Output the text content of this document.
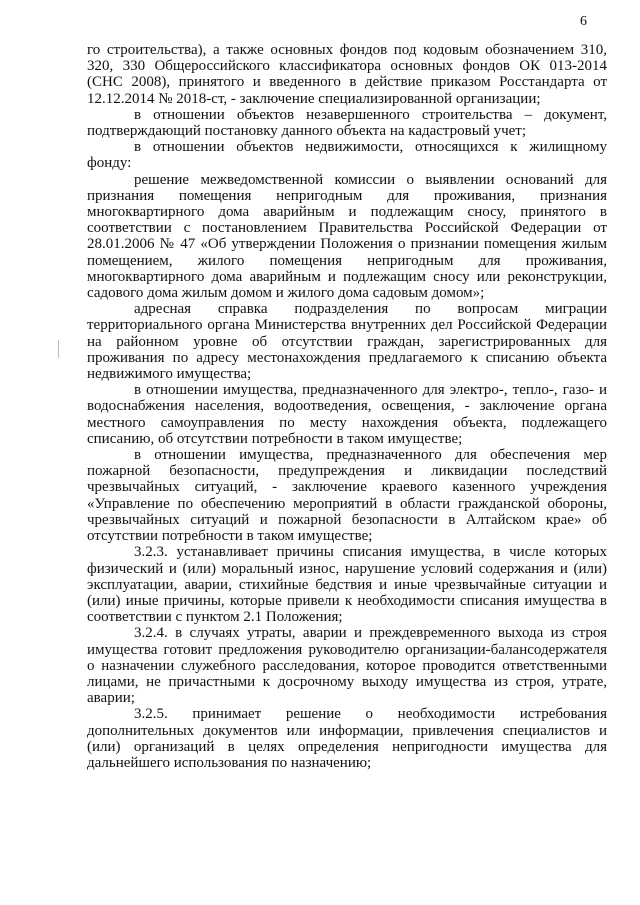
6

го строительства), а также основных фондов под кодовым обозначением 310, 320, 330 Общероссийского классификатора основных фондов ОК 013-2014 (СНС 2008), принятого и введенного в действие приказом Росстандарта от 12.12.2014 № 2018-ст, - заключение специализированной организации;

в отношении объектов незавершенного строительства – документ, подтверждающий постановку данного объекта на кадастровый учет;

в отношении объектов недвижимости, относящихся к жилищному фонду:

решение межведомственной комиссии о выявлении оснований для признания помещения непригодным для проживания, признания многоквартирного дома аварийным и подлежащим сносу, принятого в соответствии с постановлением Правительства Российской Федерации от 28.01.2006 № 47 «Об утверждении Положения о признании помещения жилым помещением, жилого помещения непригодным для проживания, многоквартирного дома аварийным и подлежащим сносу или реконструкции, садового дома жилым домом и жилого дома садовым домом»;

адресная справка подразделения по вопросам миграции территориального органа Министерства внутренних дел Российской Федерации на районном уровне об отсутствии граждан, зарегистрированных для проживания по адресу местонахождения предлагаемого к списанию объекта недвижимого имущества;

в отношении имущества, предназначенного для электро-, тепло-, газо- и водоснабжения населения, водоотведения, освещения, - заключение органа местного самоуправления по месту нахождения объекта, подлежащего списанию, об отсутствии потребности в таком имуществе;

в отношении имущества, предназначенного для обеспечения мер пожарной безопасности, предупреждения и ликвидации последствий чрезвычайных ситуаций, - заключение краевого казенного учреждения «Управление по обеспечению мероприятий в области гражданской обороны, чрезвычайных ситуаций и пожарной безопасности в Алтайском крае» об отсутствии потребности в таком имуществе;

3.2.3. устанавливает причины списания имущества, в числе которых физический и (или) моральный износ, нарушение условий содержания и (или) эксплуатации, аварии, стихийные бедствия и иные чрезвычайные ситуации и (или) иные причины, которые привели к необходимости списания имущества в соответствии с пунктом 2.1 Положения;

3.2.4. в случаях утраты, аварии и преждевременного выхода из строя имущества готовит предложения руководителю организации-балансодержателя о назначении служебного расследования, которое проводится ответственными лицами, не причастными к досрочному выходу имущества из строя, утрате, аварии;

3.2.5. принимает решение о необходимости истребования дополнительных документов или информации, привлечения специалистов и (или) организаций в целях определения непригодности имущества для дальнейшего использования по назначению;
